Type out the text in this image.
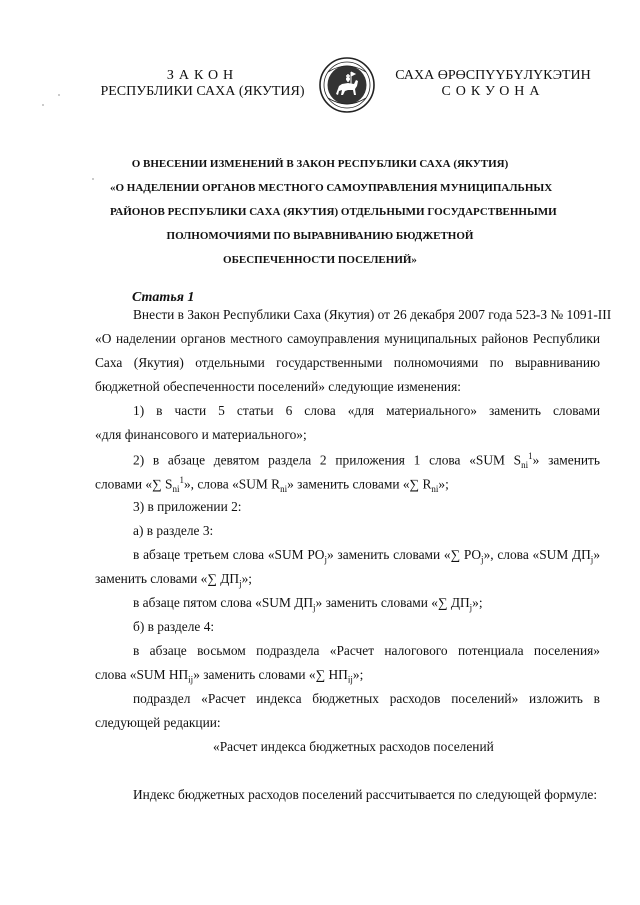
ЗАКОН
РЕСПУБЛИКИ САХА (ЯКУТИЯ)
САХА ӨРӨСПҮҮБҮЛҮКЭТИН
СОКУОНА
О ВНЕСЕНИИ ИЗМЕНЕНИЙ В ЗАКОН РЕСПУБЛИКИ САХА (ЯКУТИЯ)
«О НАДЕЛЕНИИ ОРГАНОВ МЕСТНОГО САМОУПРАВЛЕНИЯ МУНИЦИПАЛЬНЫХ
РАЙОНОВ РЕСПУБЛИКИ САХА (ЯКУТИЯ) ОТДЕЛЬНЫМИ ГОСУДАРСТВЕННЫМИ
ПОЛНОМОЧИЯМИ ПО ВЫРАВНИВАНИЮ БЮДЖЕТНОЙ
ОБЕСПЕЧЕННОСТИ ПОСЕЛЕНИЙ»
Статья 1
Внести в Закон Республики Саха (Якутия) от 26 декабря 2007 года 523-З № 1091-III
«О наделении органов местного самоуправления муниципальных районов Республики
Саха (Якутия) отдельными государственными полномочиями по выравниванию
бюджетной обеспеченности поселений» следующие изменения:
1) в части 5 статьи 6 слова «для материального» заменить словами
«для финансового и материального»;
2) в абзаце девятом раздела 2 приложения 1 слова «SUM $S_{ni}^1$» заменить
словами «∑ $S_{ni}^1$», слова «SUM $R_{ni}$» заменить словами «∑ $R_{ni}$»;
3) в приложении 2:
а) в разделе 3:
в абзаце третьем слова «SUM $PO_j$» заменить словами «∑ $PO_j$», слова «SUM $ДП_j$»
заменить словами «∑ $ДП_j$»;
в абзаце пятом слова «SUM $ДП_j$» заменить словами «∑ $ДП_j$»;
б) в разделе 4:
в абзаце восьмом подраздела «Расчет налогового потенциала поселения»
слова «SUM $НП_{ij}$» заменить словами «∑ $НП_{ij}$»;
подраздел «Расчет индекса бюджетных расходов поселений» изложить в
следующей редакции:
«Расчет индекса бюджетных расходов поселений
Индекс бюджетных расходов поселений рассчитывается по следующей формуле:
